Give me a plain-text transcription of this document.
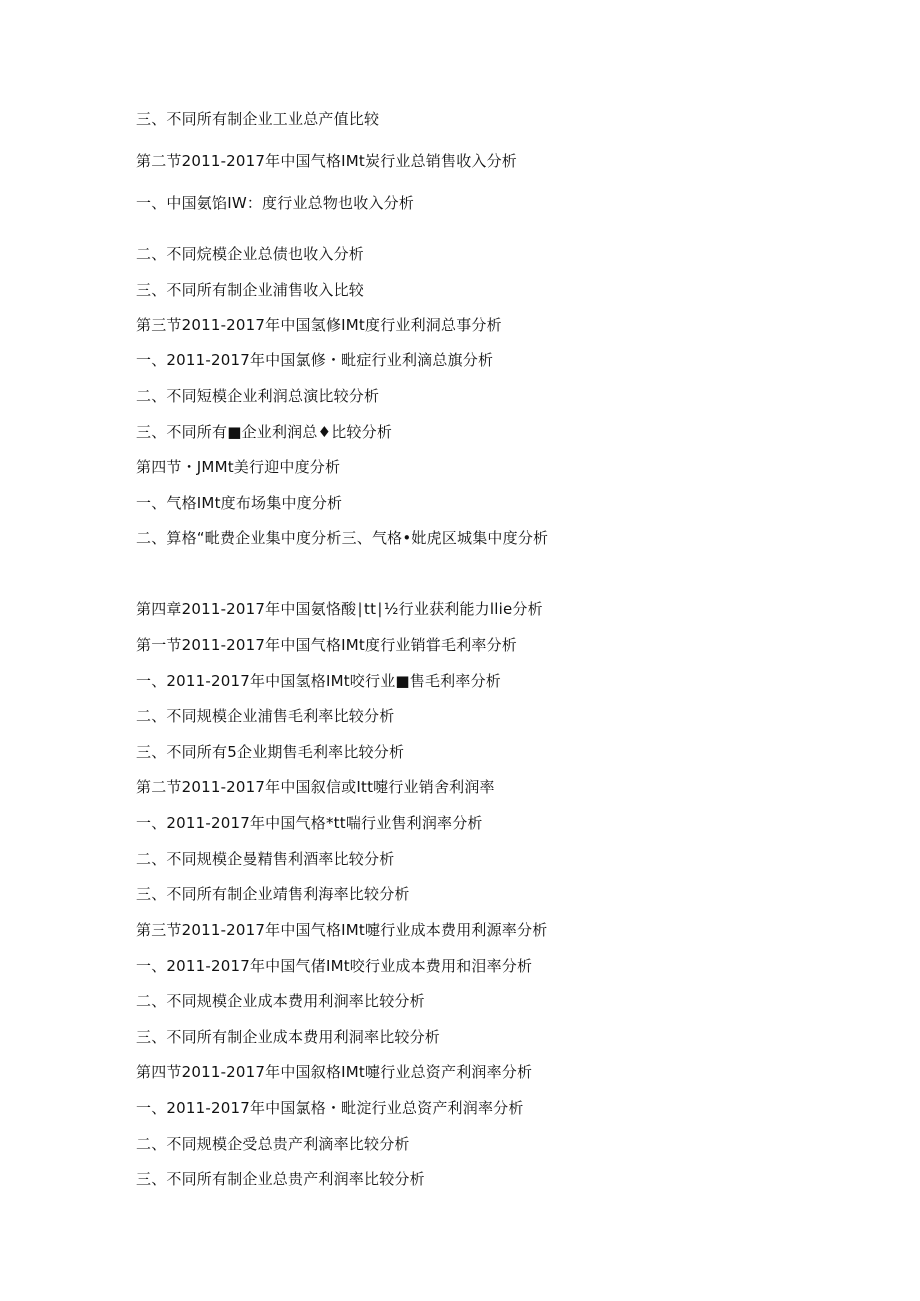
三、不同所有制企业工业总产值比较
第二节2011-2017年中国气格IMt炭行业总销售收入分析
一、中国氨馅IW：度行业总物也收入分析
二、不同烷模企业总债也收入分析
三、不同所有制企业浦售收入比较
第三节2011-2017年中国氢修IMt度行业利洞总事分析
一、2011-2017年中国氯修・毗症行业利滴总旗分析
二、不同短模企业利润总演比较分析
三、不同所有■企业利润总♦比较分析
第四节・JMMt美行迎中度分析
一、气格IMt度布场集中度分析
二、算格“毗费企业集中度分析三、气格•妣虎区城集中度分析
第四章2011-2017年中国氨恪酸∣tt∣½行业获利能力llie分析
第一节2011-2017年中国气格IMt度行业销甞毛利率分析
一、2011-2017年中国氢格IMt咬行业■售毛利率分析
二、不同规模企业浦售毛利率比较分析
三、不同所有5企业期售毛利率比较分析
第二节2011-2017年中国叙信或Itt嚏行业销舍利润率
一、2011-2017年中国气格*tt喘行业售利润率分析
二、不同规模企曼精售利酒率比较分析
三、不同所有制企业靖售利海率比较分析
第三节2011-2017年中国气格IMt嚏行业成本费用利源率分析
一、2011-2017年中国气偖IMt咬行业成本费用和泪率分析
二、不同规模企业成本费用利涧率比较分析
三、不同所有制企业成本费用利洞率比较分析
第四节2011-2017年中国叙格IMt嚏行业总资产利润率分析
一、2011-2017年中国氯格・毗淀行业总资产利润率分析
二、不同规模企受总贵产利滴率比较分析
三、不同所有制企业总贵产利润率比较分析
